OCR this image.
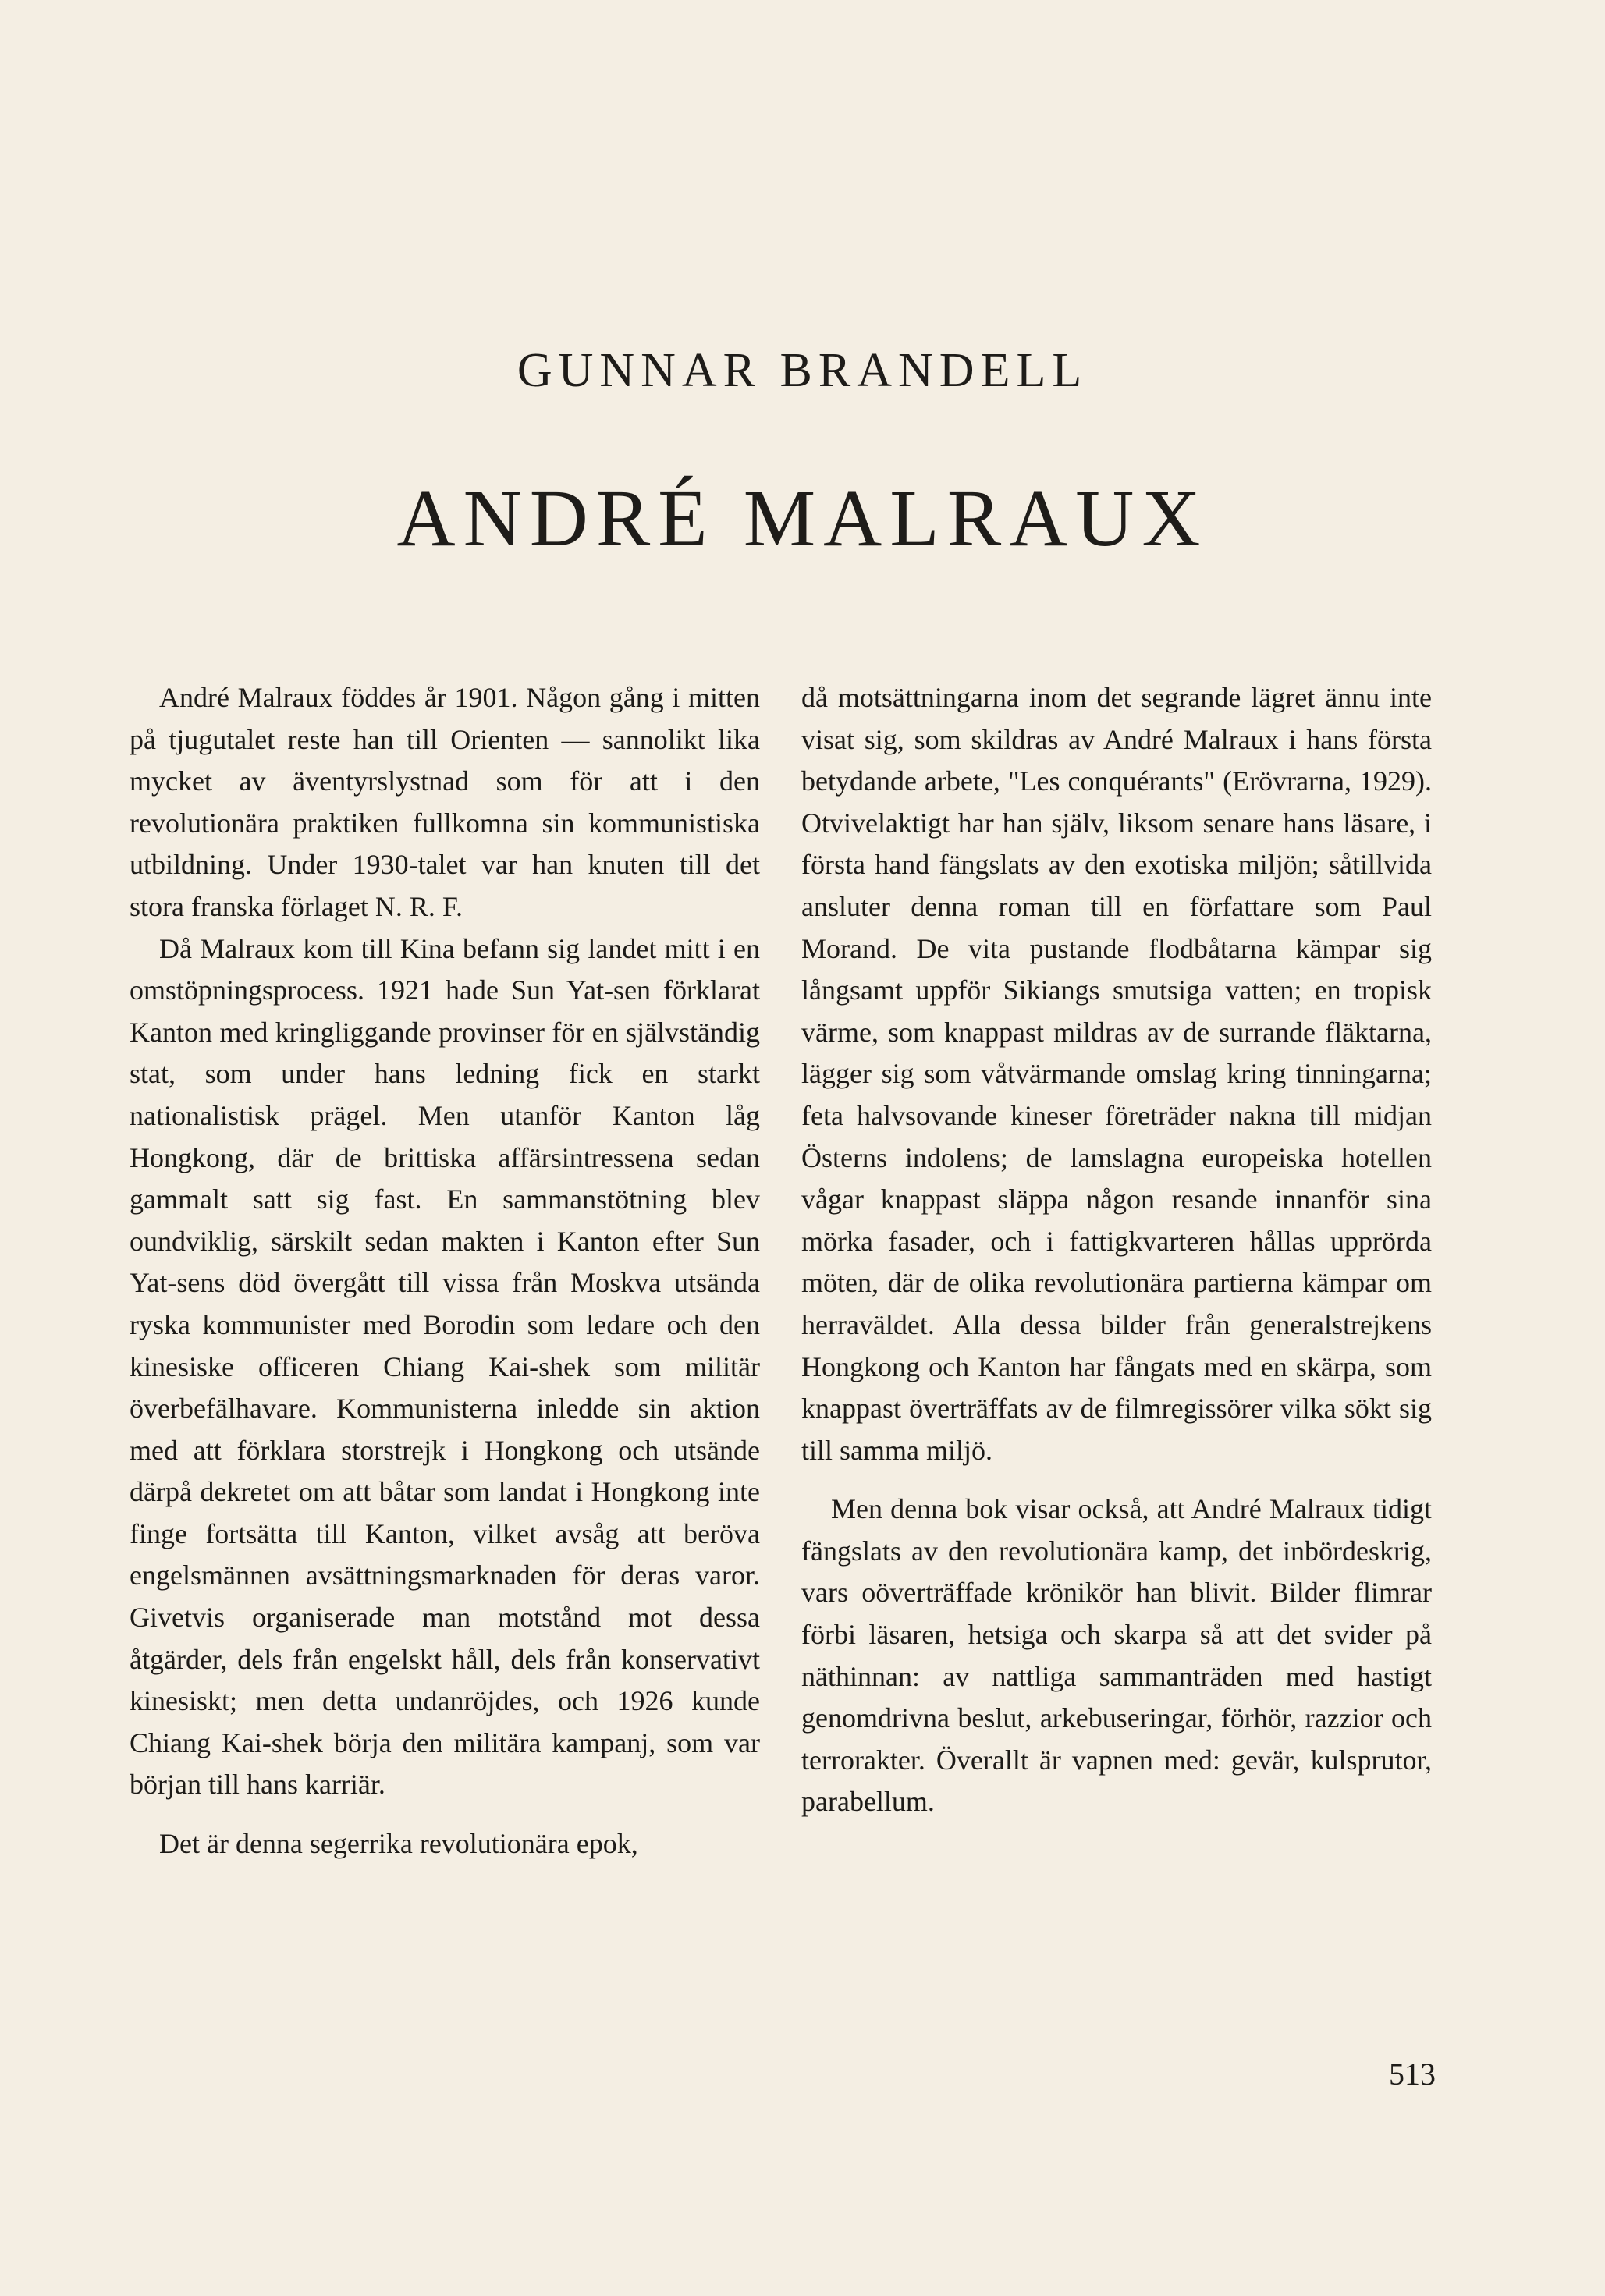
GUNNAR BRANDELL
ANDRÉ MALRAUX

André Malraux föddes år 1901. Någon gång i mitten på tjugutalet reste han till Orienten — sannolikt lika mycket av äventyrslystnad som för att i den revolutionära praktiken fullkomna sin kommunistiska utbildning. Under 1930-talet var han knuten till det stora franska förlaget N. R. F.

Då Malraux kom till Kina befann sig landet mitt i en omstöpningsprocess. 1921 hade Sun Yat-sen förklarat Kanton med kringliggande provinser för en självständig stat, som under hans ledning fick en starkt nationalistisk prägel. Men utanför Kanton låg Hongkong, där de brittiska affärsintressena sedan gammalt satt sig fast. En sammanstötning blev oundviklig, särskilt sedan makten i Kanton efter Sun Yat-sens död övergått till vissa från Moskva utsända ryska kommunister med Borodin som ledare och den kinesiske officeren Chiang Kai-shek som militär överbefälhavare. Kommunisterna inledde sin aktion med att förklara storstrejk i Hongkong och utsände därpå dekretet om att båtar som landat i Hongkong inte finge fortsätta till Kanton, vilket avsåg att beröva engelsmännen avsättningsmarknaden för deras varor. Givetvis organiserade man motstånd mot dessa åtgärder, dels från engelskt håll, dels från konservativt kinesiskt; men detta undanröjdes, och 1926 kunde Chiang Kai-shek börja den militära kampanj, som var början till hans karriär.

Det är denna segerrika revolutionära epok,

då motsättningarna inom det segrande lägret ännu inte visat sig, som skildras av André Malraux i hans första betydande arbete, "Les conquérants" (Erövrarna, 1929). Otvivelaktigt har han själv, liksom senare hans läsare, i första hand fängslats av den exotiska miljön; såtillvida ansluter denna roman till en författare som Paul Morand. De vita pustande flodbåtarna kämpar sig långsamt uppför Sikiangs smutsiga vatten; en tropisk värme, som knappast mildras av de surrande fläktarna, lägger sig som våtvärmande omslag kring tinningarna; feta halvsovande kineser företräder nakna till midjan Österns indolens; de lamslagna europeiska hotellen vågar knappast släppa någon resande innanför sina mörka fasader, och i fattigkvarteren hållas upprörda möten, där de olika revolutionära partierna kämpar om herraväldet. Alla dessa bilder från generalstrejkens Hongkong och Kanton har fångats med en skärpa, som knappast överträffats av de filmregissörer vilka sökt sig till samma miljö.

Men denna bok visar också, att André Malraux tidigt fängslats av den revolutionära kamp, det inbördeskrig, vars oöverträffade krönikör han blivit. Bilder flimrar förbi läsaren, hetsiga och skarpa så att det svider på näthinnan: av nattliga sammanträden med hastigt genomdrivna beslut, arkebuseringar, förhör, razzior och terrorakter. Överallt är vapnen med: gevär, kulsprutor, parabellum.

513
